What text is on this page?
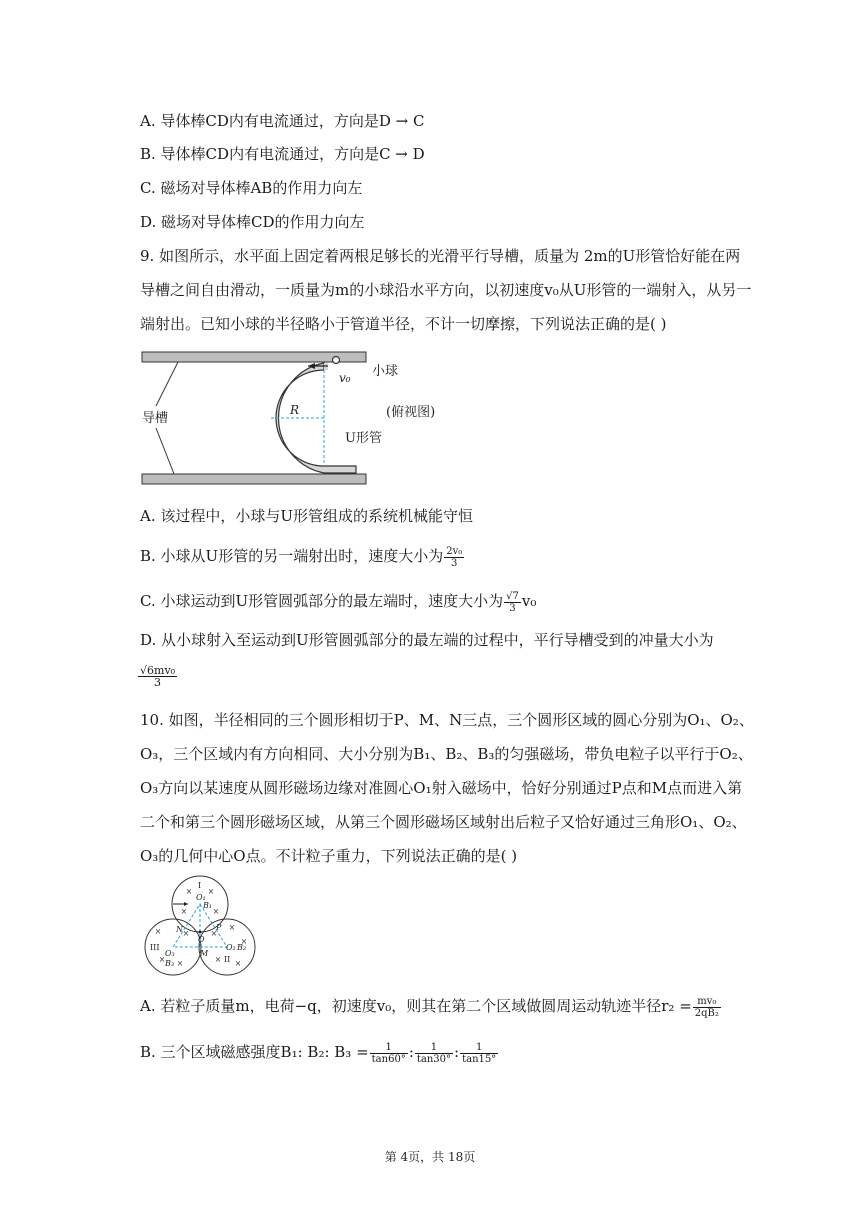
A. 导体棒CD内有电流通过，方向是D → C
B. 导体棒CD内有电流通过，方向是C → D
C. 磁场对导体棒AB的作用力向左
D. 磁场对导体棒CD的作用力向左
9. 如图所示，水平面上固定着两根足够长的光滑平行导槽，质量为 2m的U形管恰好能在两
导槽之间自由滑动，一质量为m的小球沿水平方向，以初速度v₀从U形管的一端射入，从另一
端射出。已知小球的半径略小于管道半径，不计一切摩擦，下列说法正确的是( )
导槽
R
v₀ 小球
(俯视图)
U形管
A. 该过程中，小球与U形管组成的系统机械能守恒
B. 小球从U形管的另一端射出时，速度大小为 $\frac{\text{2v₀}}{3}$
C. 小球运动到U形管圆弧部分的最左端时，速度大小为 $\frac{√7}{3} v_0$
D. 从小球射入至运动到U形管圆弧部分的最左端的过程中，平行导槽受到的冲量大小为
$\frac{\text{√6mv₀}}{3}$
10. 如图，半径相同的三个圆形相切于P、M、N三点，三个圆形区域的圆心分别为O₁、O₂、
O₃，三个区域内有方向相同、大小分别为B₁、B₂、B₃的匀强磁场，带负电粒子以平行于O₂、
O₃方向以某速度从圆形磁场边缘对准圆心O₁射入磁场中，恰好分别通过P点和M点而进入第
二个和第三个圆形磁场区域，从第三个圆形磁场区域射出后粒子又恰好通过三角形O₁、O₂、
O₃的几何中心O点。不计粒子重力，下列说法正确的是( )
× ×
×	×
×
×
× ×
×
× ×
×	×
I
O₁
B₁
III
O₃
B₃	II
O₂ B₂
N	P
M
O
A. 若粒子质量m，电荷−q，初速度v₀，则其在第二个区域做圆周运动轨迹半径$r_2 = \frac{\text{mv₀}}{\text{2qB₂}}$
B. 三个区域磁感强度B₁: B₂: $B_3 = \frac{1}{\tan 60^\circ}$ : $\frac{1}{\tan 30^\circ}$ : $\frac{1}{\tan 15^\circ}$
第 4页，共 18页
